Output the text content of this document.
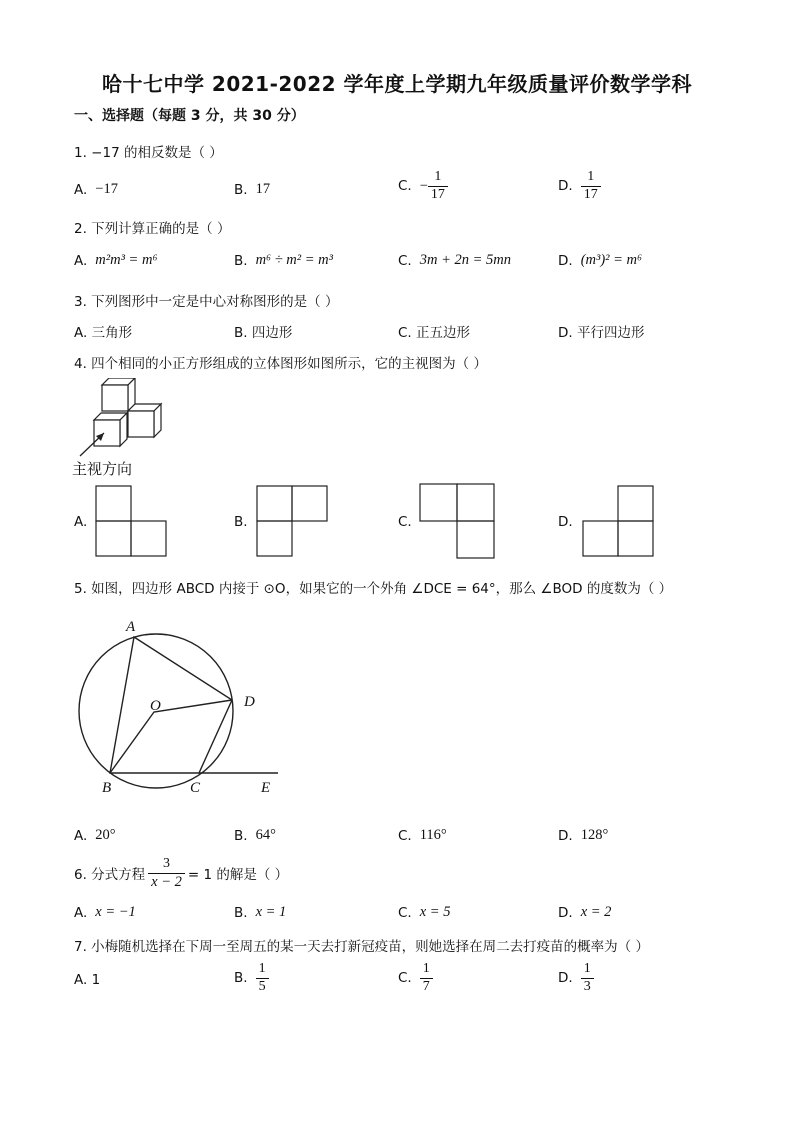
哈十七中学 2021-2022 学年度上学期九年级质量评价数学学科
一、选择题（每题 3 分，共 30 分）
1. −17 的相反数是（ ）
A. −17	B. 17	C. − $\frac{1}{17}$	D. $\frac{1}{17}$
2. 下列计算正确的是（ ）
A. m²m³ = m⁶	B. m⁶ ÷ m² = m³	C. 3m + 2n = 5mn	D. (m³)² = m⁶
3. 下列图形中一定是中心对称图形的是（ ）
A. 三角形	B. 四边形	C. 正五边形	D. 平行四边形
4. 四个相同的小正方形组成的立体图形如图所示，它的主视图为（ ）
主视方向
A.	B.	C.	D.
5. 如图，四边形 ABCD 内接于 ⊙O，如果它的一个外角 ∠DCE = 64°，那么 ∠BOD 的度数为（ ）
A
B	C
D
E
O
A. 20°	B. 64°	C. 116°	D. 128°
6. 分式方程 $\frac{3}{x - 2} = 1$ 的解是（ ）
A. x = −1	B. x = 1	C. x = 5	D. x = 2
7. 小梅随机选择在下周一至周五的某一天去打新冠疫苗，则她选择在周二去打疫苗的概率为（ ）
A. 1	B. $\frac{1}{5}$	C. $\frac{1}{7}$	D. $\frac{1}{3}$
